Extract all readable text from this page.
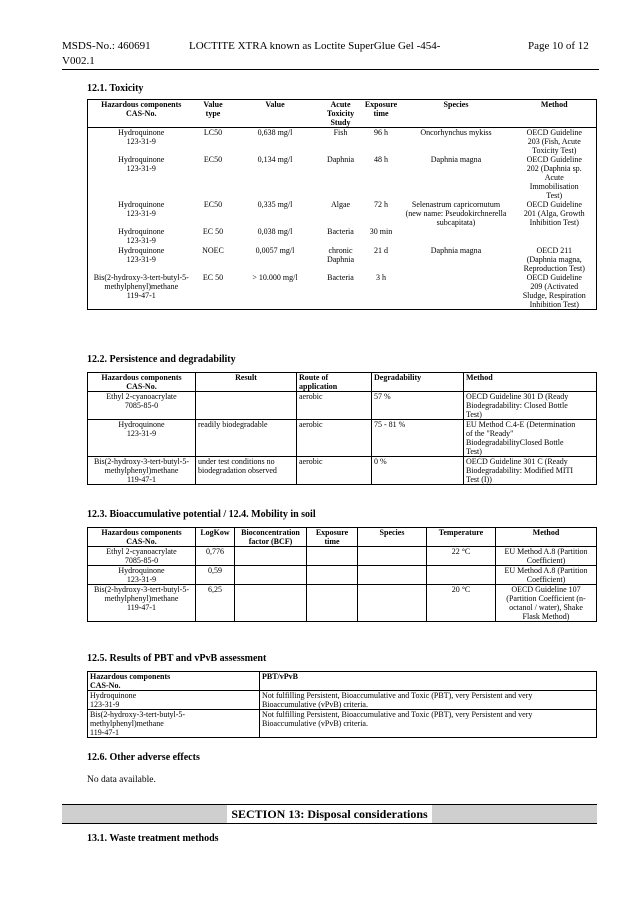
MSDS-No.: 460691
V002.1
LOCTITE XTRA known as Loctite SuperGlue Gel -454-	Page 10 of 12
12.1. Toxicity
Hazardous components
CAS-No.	Value
type	Value	Acute
Toxicity
Study	Exposure
time	Species	Method
Hydroquinone
123-31-9	LC50	0,638 mg/l	Fish	96 h	Oncorhynchus mykiss	OECD Guideline
203 (Fish, Acute
Toxicity Test)
Hydroquinone
123-31-9	EC50	0,134 mg/l	Daphnia	48 h	Daphnia magna	OECD Guideline
202 (Daphnia sp.
Acute
Immobilisation
Test)
Hydroquinone
123-31-9	EC50	0,335 mg/l	Algae	72 h	Selenastrum capricornutum
(new name: Pseudokirchnerella
subcapitata)	OECD Guideline
201 (Alga, Growth
Inhibition Test)
Hydroquinone
123-31-9	EC 50	0,038 mg/l	Bacteria	30 min		
Hydroquinone
123-31-9	NOEC	0,0057 mg/l	chronic
Daphnia	21 d	Daphnia magna	OECD 211
(Daphnia magna,
Reproduction Test)
Bis(2-hydroxy-3-tert-butyl-5-
methylphenyl)methane
119-47-1	EC 50	> 10.000 mg/l	Bacteria	3 h		OECD Guideline
209 (Activated
Sludge, Respiration
Inhibition Test)
12.2. Persistence and degradability
Hazardous components
CAS-No.	Result	Route of
application	Degradability	Method
Ethyl 2-cyanoacrylate
7085-85-0		aerobic	57 %	OECD Guideline 301 D (Ready
Biodegradability: Closed Bottle
Test)
Hydroquinone
123-31-9	readily biodegradable	aerobic	75 - 81 %	EU Method C.4-E (Determination
of the "Ready"
BiodegradabilityClosed Bottle
Test)
Bis(2-hydroxy-3-tert-butyl-5-
methylphenyl)methane
119-47-1	under test conditions no
biodegradation observed	aerobic	0 %	OECD Guideline 301 C (Ready
Biodegradability: Modified MITI
Test (I))
12.3. Bioaccumulative potential / 12.4. Mobility in soil
Hazardous components
CAS-No.	LogKow	Bioconcentration
factor (BCF)	Exposure
time	Species	Temperature	Method
Ethyl 2-cyanoacrylate
7085-85-0	0,776				22 °C	EU Method A.8 (Partition
Coefficient)
Hydroquinone
123-31-9	0,59					EU Method A.8 (Partition
Coefficient)
Bis(2-hydroxy-3-tert-butyl-5-
methylphenyl)methane
119-47-1	6,25				20 °C	OECD Guideline 107
(Partition Coefficient (n-
octanol / water), Shake
Flask Method)
12.5. Results of PBT and vPvB assessment
Hazardous components
CAS-No.	PBT/vPvB
Hydroquinone
123-31-9	Not fulfilling Persistent, Bioaccumulative and Toxic (PBT), very Persistent and very
Bioaccumulative (vPvB) criteria.
Bis(2-hydroxy-3-tert-butyl-5-
methylphenyl)methane
119-47-1	Not fulfilling Persistent, Bioaccumulative and Toxic (PBT), very Persistent and very
Bioaccumulative (vPvB) criteria.
12.6. Other adverse effects
No data available.
SECTION 13: Disposal considerations
13.1. Waste treatment methods
